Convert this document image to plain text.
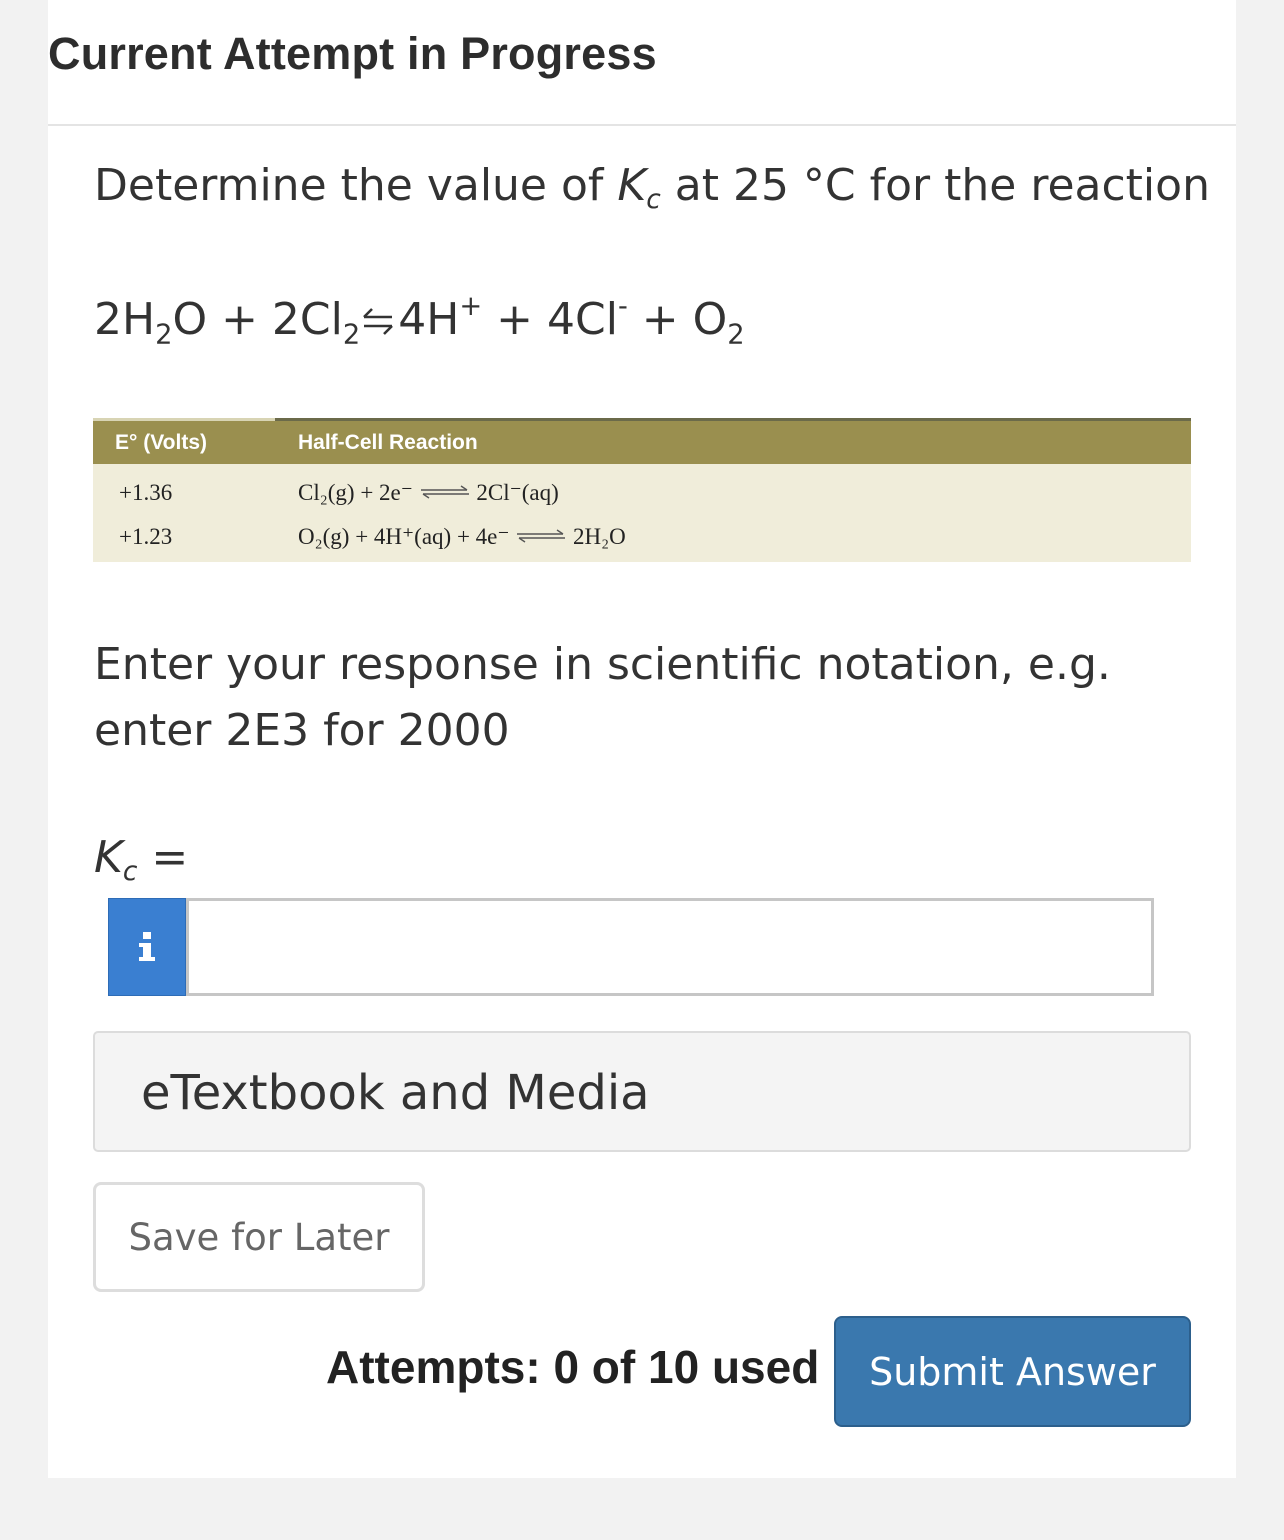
Current Attempt in Progress
Determine the value of $K_c$ at 25 °C for the reaction
$2H_2O$ + $2Cl_2\rightleftharpoons 4H^+ + 4Cl^- + O_2$
E° (Volts)	Half-Cell Reaction
+1.36	Cl₂(g) + 2e⁻ ⇌ 2Cl⁻(aq)
+1.23	O₂(g) + 4H⁺(aq) + 4e⁻ ⇌ 2H₂O
Enter your response in scientific notation, e.g. enter 2E3 for 2000
$K_c$ =
eTextbook and Media
Save for Later
Attempts: 0 of 10 used	Submit Answer
